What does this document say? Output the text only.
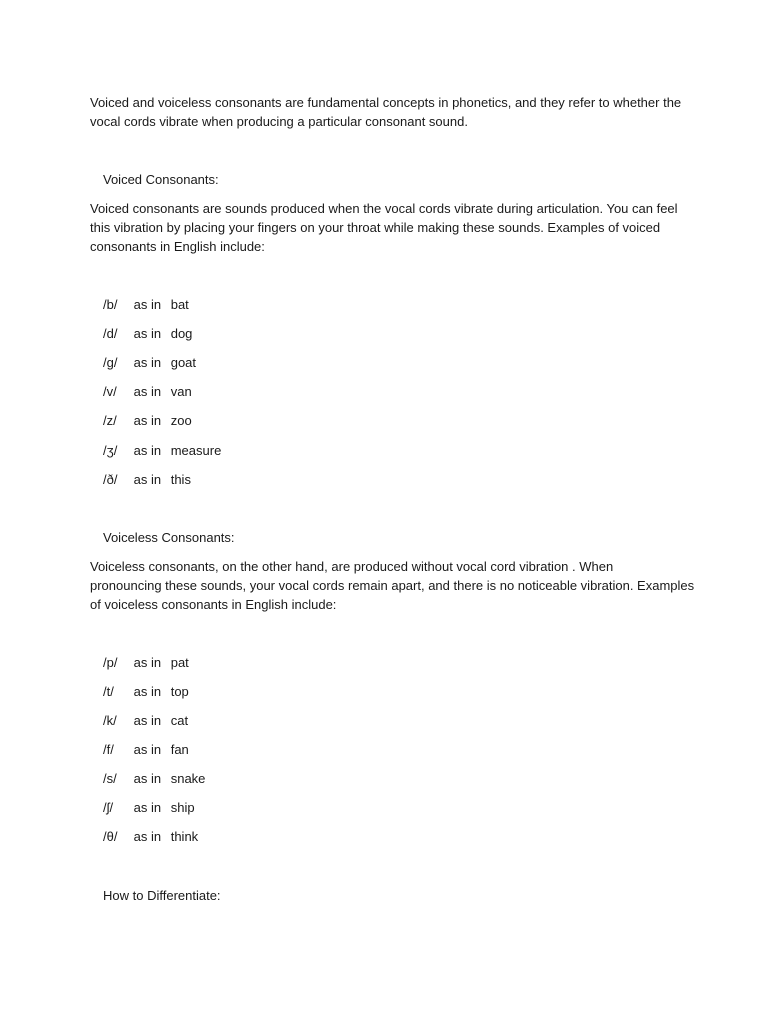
Voiced and voiceless consonants are fundamental concepts in phonetics, and they refer to whether the
vocal cords vibrate when producing a particular consonant sound.
Voiced Consonants:
Voiced consonants are sounds produced when the vocal cords vibrate during articulation. You can feel
this vibration by placing your fingers on your throat while making these sounds. Examples of voiced
consonants in English include:
/b/ as in bat
/d/ as in dog
/g/ as in goat
/v/ as in van
/z/ as in zoo
/ʒ/ as in measure
/ð/ as in this
Voiceless Consonants:
Voiceless consonants, on the other hand, are produced without vocal cord vibration . When
pronouncing these sounds, your vocal cords remain apart, and there is no noticeable vibration. Examples
of voiceless consonants in English include:
/p/ as in pat
/t/ as in top
/k/ as in cat
/f/ as in fan
/s/ as in snake
/ʃ/ as in ship
/θ/ as in think
How to Differentiate:
